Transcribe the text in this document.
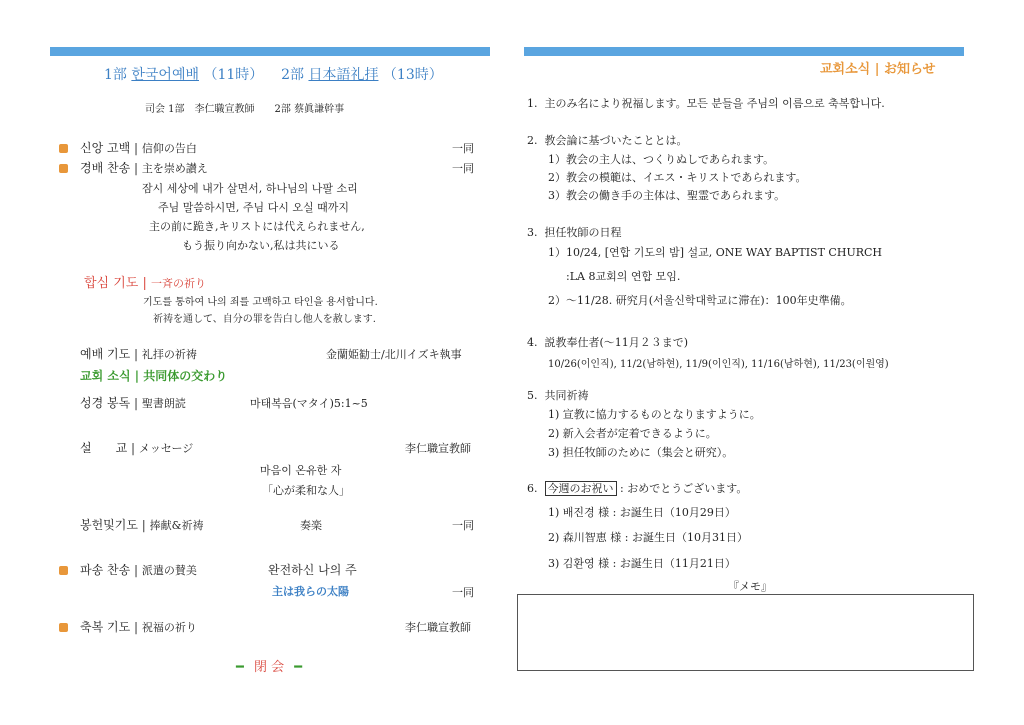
1部 한국어예배 （11時） 2部 日本語礼拝 （13時）
司会 1部　李仁職宣教師　　2部 蔡眞謙幹事
신앙 고백 | 信仰の告白	一同
경배 찬송 | 主を崇め讃え	一同
잠시 세상에 내가 살면서, 하나님의 나팔 소리
주님 말씀하시면, 주님 다시 오실 때까지
主の前に跪き,キリストには代えられません,
もう振り向かない,私は共にいる
합심 기도 | 一斉の祈り
기도를 통하여 나의 죄를 고백하고 타인을 용서합니다.
祈祷を通して、自分の罪を告白し他人を赦します.
예배 기도 | 礼拝の祈祷	金蘭姫勧士/北川イズキ執事
교회 소식 | 共同体の交わり
성경 봉독 | 聖書朗読	마태복음(マタイ)5:1~5
설　　교 | メッセージ	李仁職宣教師
마음이 온유한 자
「心が柔和な人」
봉헌및기도 | 捧献&祈祷	奏楽	一同
파송 찬송 | 派遣の賛美	완전하신 나의 주
主は我らの太陽	一同
축복 기도 | 祝福の祈り	李仁職宣教師
━ 閉 会 ━
교회소식 | お知らせ
1. 主のみ名により祝福します。모든 분들을 주님의 이름으로 축복합니다.
2. 教会論に基づいたこととは。
1）教会の主人は、つくりぬしであられます。
2）教会の模範は、イエス・キリストであられます。
3）教会の働き手の主体は、聖霊であられます。
3. 担任牧師の日程
1）10/24, [연합 기도의 밤] 설교, ONE WAY BAPTIST CHURCH
:LA 8교회의 연합 모임.
2）～11/28. 研究月(서울신학대학교に滞在)：100年史準備。
4. 説教奉仕者(～11月２３まで)
10/26(이인직), 11/2(남하현), 11/9(이인직), 11/16(남하현), 11/23(이원영)
5. 共同祈祷
1) 宣教に協力するものとなりますように。
2) 新入会者が定着できるように。
3) 担任牧師のために（集会と研究）。
6. 今週のお祝い : おめでとうございます。
1) 배진경 様 : お誕生日（10月29日）
2) 森川智恵 様 : お誕生日（10月31日）
3) 김환영 様 : お誕生日（11月21日）
『メモ』
